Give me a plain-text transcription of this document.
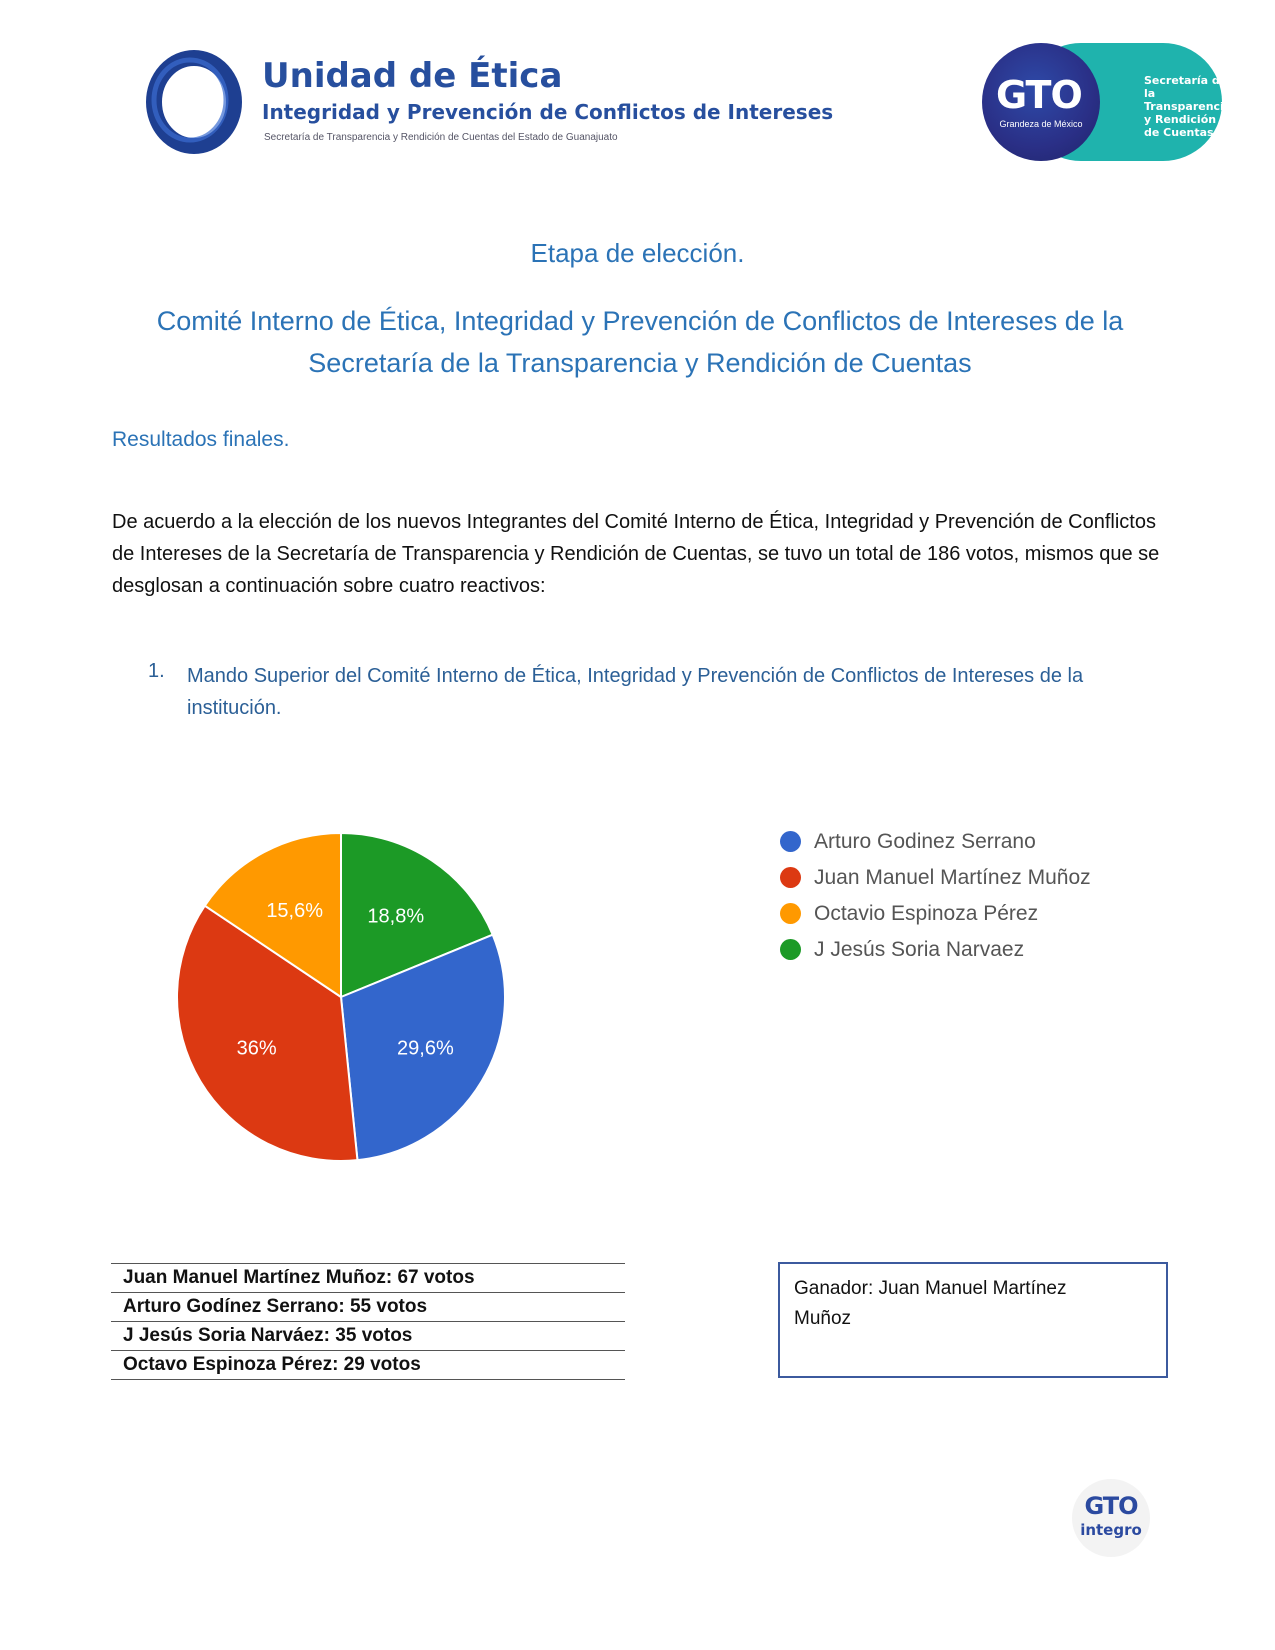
Unidad de Ética

Integridad y Prevención de Conflictos de Intereses

Secretaría de Transparencia y Rendición de Cuentas del Estado de Guanajuato

Secretaría de
la Transparencia
y Rendición
de Cuentas

GTO

Grandeza de México

Etapa de elección.
Comité Interno de Ética, Integridad y Prevención de Conflictos de Intereses de la Secretaría de la Transparencia y Rendición de Cuentas
Resultados finales.

De acuerdo a la elección de los nuevos Integrantes del Comité Interno de Ética, Integridad y Prevención de Conflictos de Intereses de la Secretaría de Transparencia y Rendición de Cuentas, se tuvo un total de 186 votos, mismos que se desglosan a continuación sobre cuatro reactivos:

1. Mando Superior del Comité Interno de Ética, Integridad y Prevención de Conflictos de Intereses de la institución.

18,8%
29,6%
36%
15,6%
Arturo Godinez Serrano
Juan Manuel Martínez Muñoz
Octavio Espinoza Pérez
J Jesús Soria Narvaez
Juan Manuel Martínez Muñoz: 67 votos
Arturo Godínez Serrano: 55 votos
J Jesús Soria Narváez: 35 votos
Octavo Espinoza Pérez: 29 votos
Ganador: Juan Manuel Martínez
Muñoz

GTO

integro
